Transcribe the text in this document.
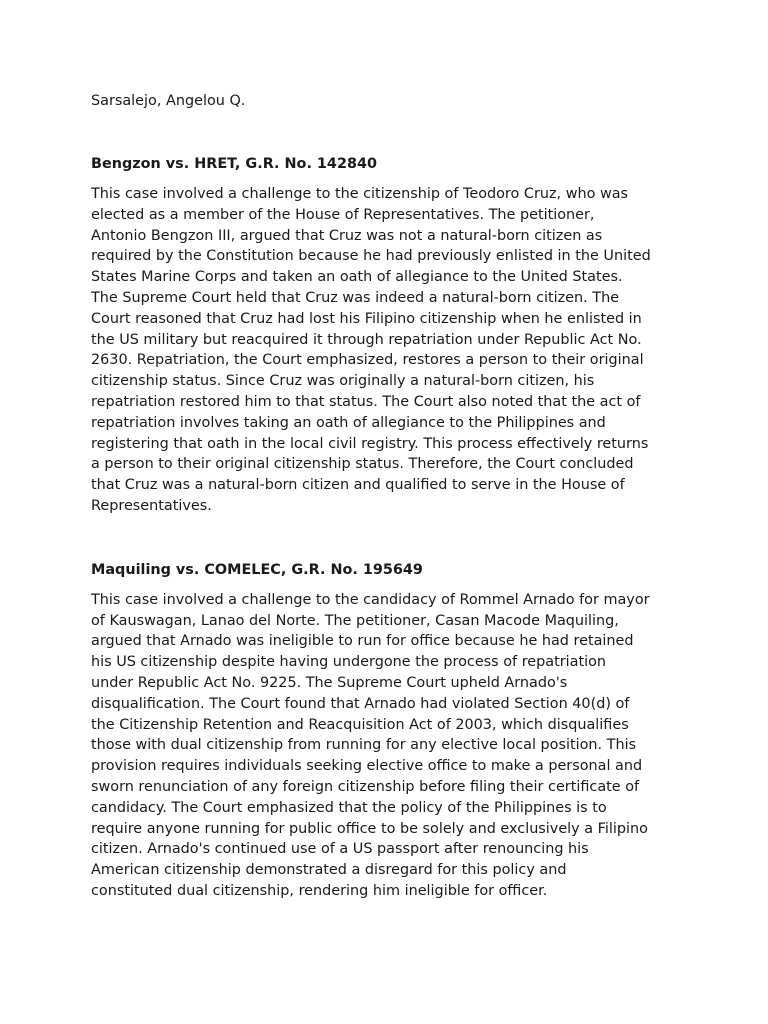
Sarsalejo, Angelou Q.

Bengzon vs. HRET, G.R. No. 142840

This case involved a challenge to the citizenship of Teodoro Cruz, who was
elected as a member of the House of Representatives. The petitioner,
Antonio Bengzon III, argued that Cruz was not a natural-born citizen as
required by the Constitution because he had previously enlisted in the United
States Marine Corps and taken an oath of allegiance to the United States.
The Supreme Court held that Cruz was indeed a natural-born citizen. The
Court reasoned that Cruz had lost his Filipino citizenship when he enlisted in
the US military but reacquired it through repatriation under Republic Act No.
2630. Repatriation, the Court emphasized, restores a person to their original
citizenship status. Since Cruz was originally a natural-born citizen, his
repatriation restored him to that status. The Court also noted that the act of
repatriation involves taking an oath of allegiance to the Philippines and
registering that oath in the local civil registry. This process effectively returns
a person to their original citizenship status. Therefore, the Court concluded
that Cruz was a natural-born citizen and qualified to serve in the House of
Representatives.

Maquiling vs. COMELEC, G.R. No. 195649

This case involved a challenge to the candidacy of Rommel Arnado for mayor
of Kauswagan, Lanao del Norte. The petitioner, Casan Macode Maquiling,
argued that Arnado was ineligible to run for office because he had retained
his US citizenship despite having undergone the process of repatriation
under Republic Act No. 9225. The Supreme Court upheld Arnado's
disqualification. The Court found that Arnado had violated Section 40(d) of
the Citizenship Retention and Reacquisition Act of 2003, which disqualifies
those with dual citizenship from running for any elective local position. This
provision requires individuals seeking elective office to make a personal and
sworn renunciation of any foreign citizenship before filing their certificate of
candidacy. The Court emphasized that the policy of the Philippines is to
require anyone running for public office to be solely and exclusively a Filipino
citizen. Arnado's continued use of a US passport after renouncing his
American citizenship demonstrated a disregard for this policy and
constituted dual citizenship, rendering him ineligible for officer.
